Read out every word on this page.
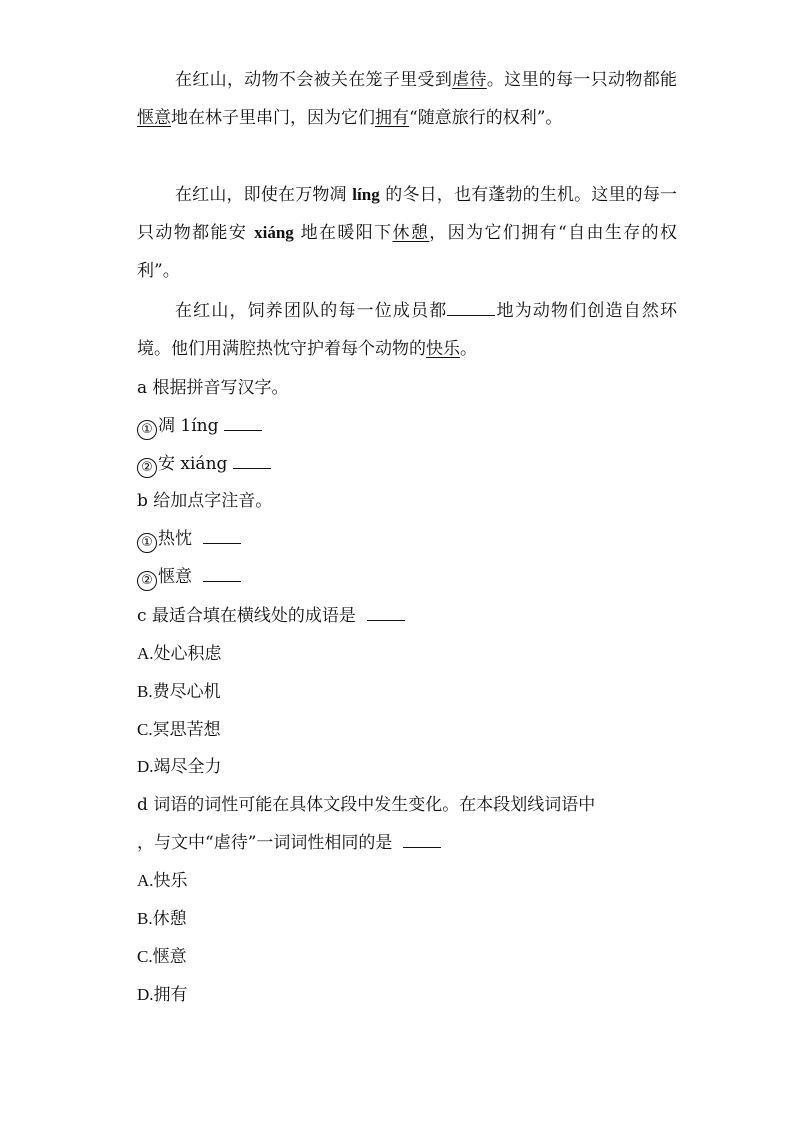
在红山，动物不会被关在笼子里受到虐待。这里的每一只动物都能惬意地在林子里串门，因为它们拥有“随意旅行的权利”。

在红山，即使在万物凋 líng 的冬日，也有蓬勃的生机。这里的每一只动物都能安 xiáng 地在暖阳下休憩，因为它们拥有“自由生存的权利”。

在红山，饲养团队的每一位成员都	地为动物们创造自然环境。他们用满腔热忱守护着每个动物的快乐。

a 根据拼音写汉字。

① 凋 1íng

② 安 xiáng

b 给加点字注音。

① 热忱

② 惬意

c 最适合填在横线处的成语是

A.处心积虑

B.费尽心机

C.冥思苦想

D.竭尽全力

d 词语的词性可能在具体文段中发生变化。在本段划线词语中

，与文中“虐待”一词词性相同的是

A.快乐

B.休憩

C.惬意

D.拥有
